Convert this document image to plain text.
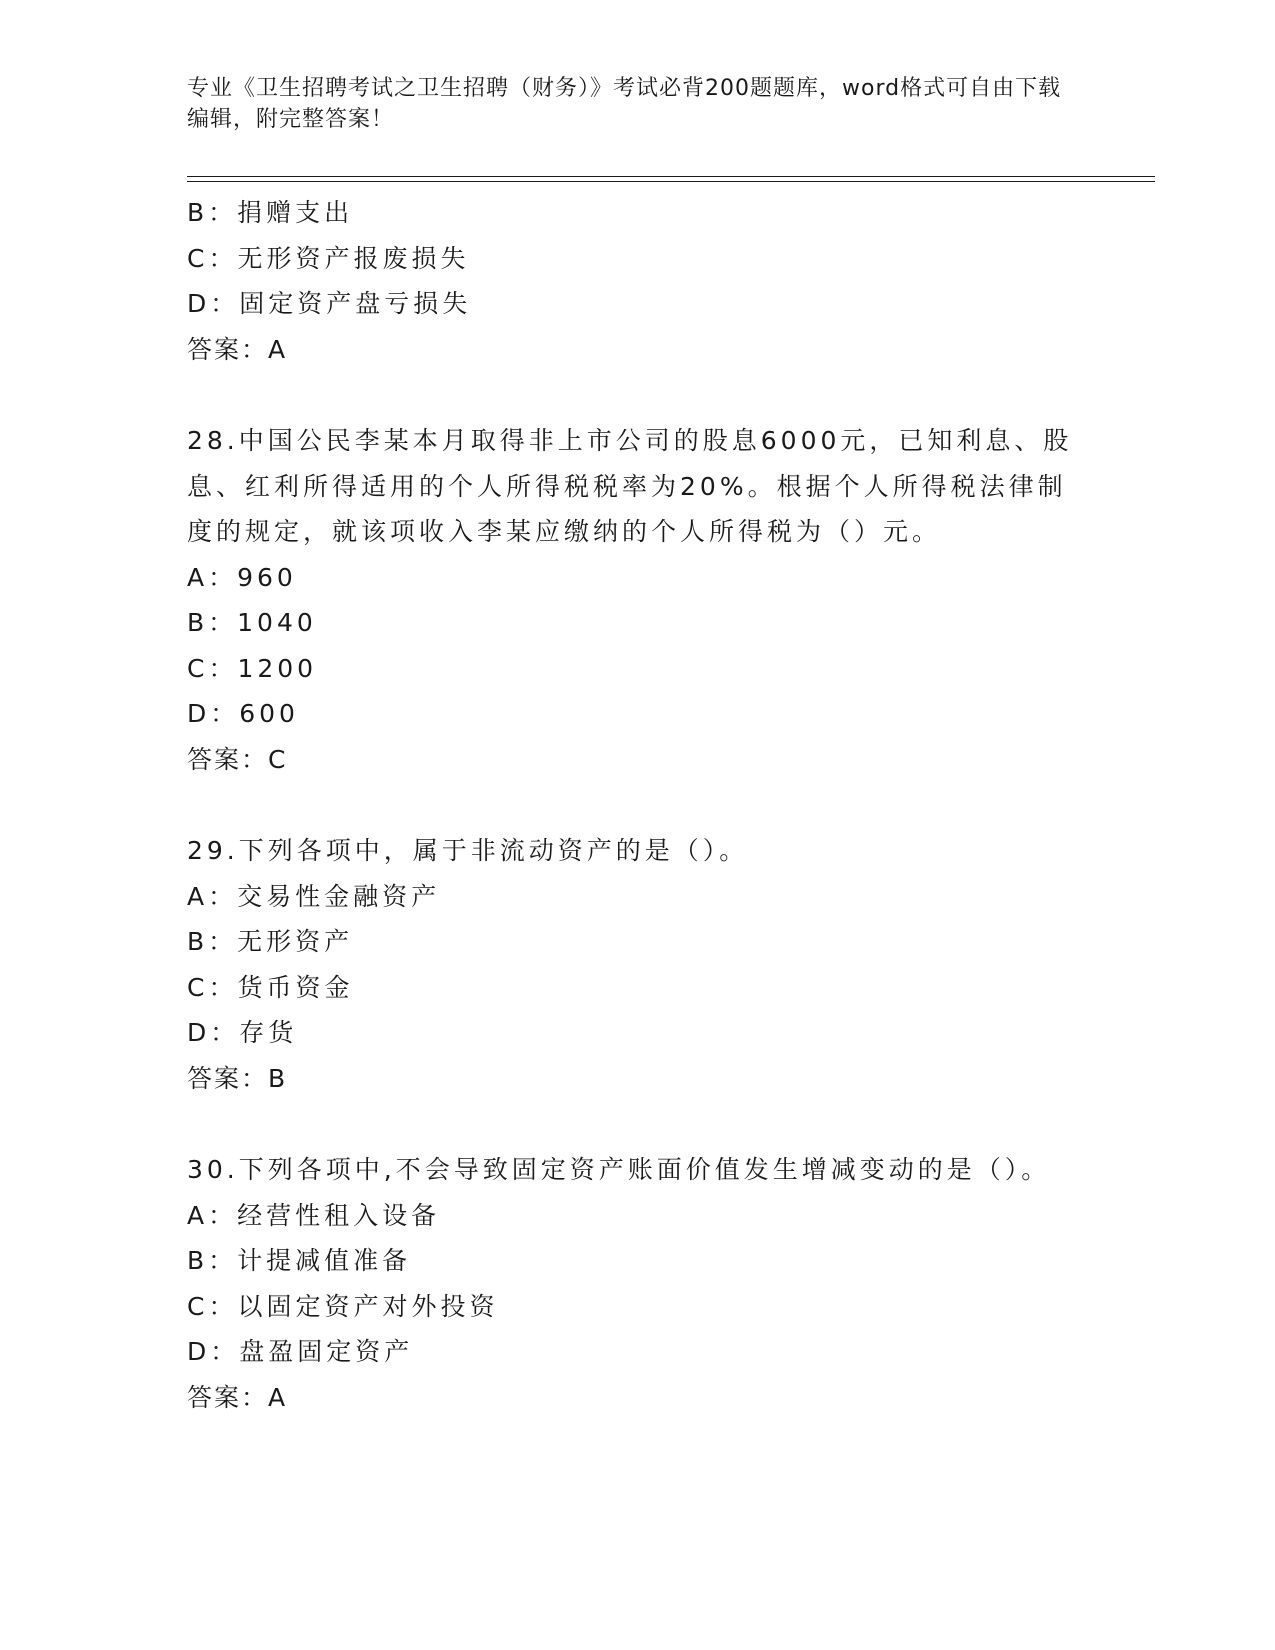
专业《卫生招聘考试之卫生招聘（财务）》考试必背200题题库，word格式可自由下载编辑，附完整答案！
B：捐赠支出
C：无形资产报废损失
D：固定资产盘亏损失
答案：A
28.中国公民李某本月取得非上市公司的股息6000元，已知利息、股息、红利所得适用的个人所得税税率为20%。根据个人所得税法律制度的规定，就该项收入李某应缴纳的个人所得税为（）元。
A：960
B：1040
C：1200
D：600
答案：C
29.下列各项中，属于非流动资产的是（）。
A：交易性金融资产
B：无形资产
C：货币资金
D：存货
答案：B
30.下列各项中,不会导致固定资产账面价值发生增减变动的是（）。
A：经营性租入设备
B：计提减值准备
C：以固定资产对外投资
D：盘盈固定资产
答案：A
